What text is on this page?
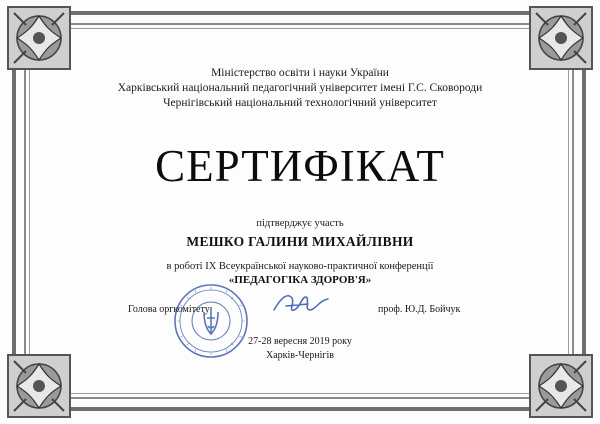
Міністерство освіти і науки України
Харківський національний педагогічний університет імені Г.С. Сковороди
Чернігівський національний технологічний університет
СЕРТИФІКАТ
підтверджує участь
МЕШКО ГАЛИНИ МИХАЙЛІВНИ
в роботі ІХ Всеукраїнської науково-практичної конференції
«ПЕДАГОГІКА ЗДОРОВ'Я»
Голова оргкомітету	проф. Ю.Д. Бойчук
27-28 вересня 2019 року
Харків-Чернігів
